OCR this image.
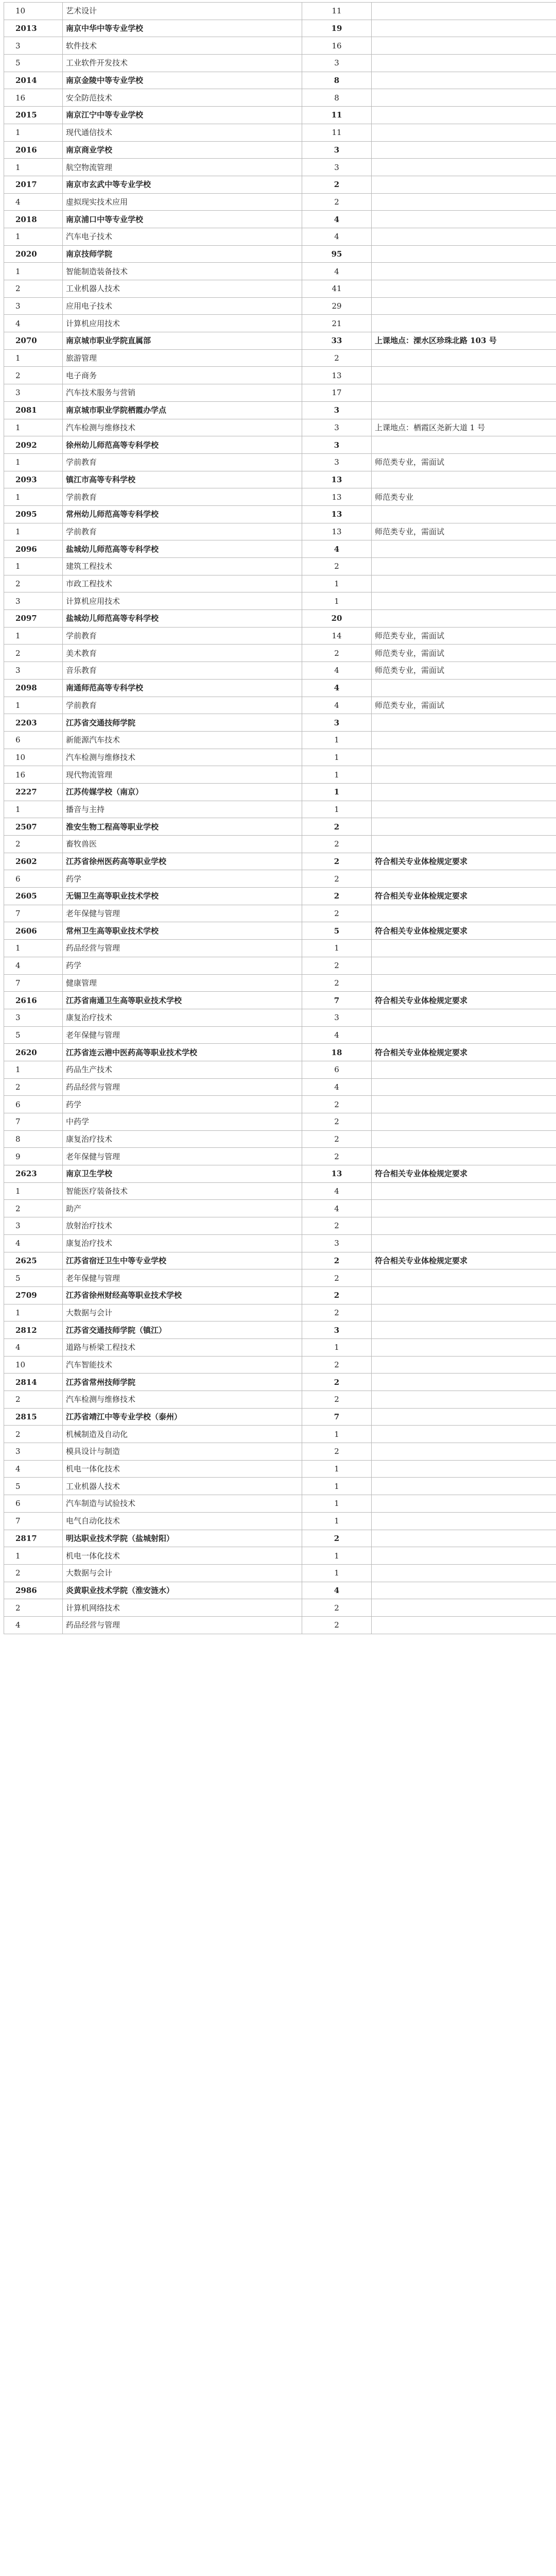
10	艺术设计	11	
2013	南京中华中等专业学校	19	
3	软件技术	16	
5	工业软件开发技术	3	
2014	南京金陵中等专业学校	8	
16	安全防范技术	8	
2015	南京江宁中等专业学校	11	
1	现代通信技术	11	
2016	南京商业学校	3	
1	航空物流管理	3	
2017	南京市玄武中等专业学校	2	
4	虚拟现实技术应用	2	
2018	南京浦口中等专业学校	4	
1	汽车电子技术	4	
2020	南京技师学院	95	
1	智能制造装备技术	4	
2	工业机器人技术	41	
3	应用电子技术	29	
4	计算机应用技术	21	
2070	南京城市职业学院直属部	33	上课地点：溧水区珍珠北路 103 号
1	旅游管理	2	
2	电子商务	13	
3	汽车技术服务与营销	17	
2081	南京城市职业学院栖霞办学点	3	
1	汽车检测与维修技术	3	上课地点：栖霞区尧新大道 1 号
2092	徐州幼儿师范高等专科学校	3	
1	学前教育	3	师范类专业，需面试
2093	镇江市高等专科学校	13	
1	学前教育	13	师范类专业
2095	常州幼儿师范高等专科学校	13	
1	学前教育	13	师范类专业，需面试
2096	盐城幼儿师范高等专科学校	4	
1	建筑工程技术	2	
2	市政工程技术	1	
3	计算机应用技术	1	
2097	盐城幼儿师范高等专科学校	20	
1	学前教育	14	师范类专业，需面试
2	美术教育	2	师范类专业，需面试
3	音乐教育	4	师范类专业，需面试
2098	南通师范高等专科学校	4	
1	学前教育	4	师范类专业，需面试
2203	江苏省交通技师学院	3	
6	新能源汽车技术	1	
10	汽车检测与维修技术	1	
16	现代物流管理	1	
2227	江苏传媒学校（南京）	1	
1	播音与主持	1	
2507	淮安生物工程高等职业学校	2	
2	畜牧兽医	2	
2602	江苏省徐州医药高等职业学校	2	符合相关专业体检规定要求
6	药学	2	
2605	无锡卫生高等职业技术学校	2	符合相关专业体检规定要求
7	老年保健与管理	2	
2606	常州卫生高等职业技术学校	5	符合相关专业体检规定要求
1	药品经营与管理	1	
4	药学	2	
7	健康管理	2	
2616	江苏省南通卫生高等职业技术学校	7	符合相关专业体检规定要求
3	康复治疗技术	3	
5	老年保健与管理	4	
2620	江苏省连云港中医药高等职业技术学校	18	符合相关专业体检规定要求
1	药品生产技术	6	
2	药品经营与管理	4	
6	药学	2	
7	中药学	2	
8	康复治疗技术	2	
9	老年保健与管理	2	
2623	南京卫生学校	13	符合相关专业体检规定要求
1	智能医疗装备技术	4	
2	助产	4	
3	放射治疗技术	2	
4	康复治疗技术	3	
2625	江苏省宿迁卫生中等专业学校	2	符合相关专业体检规定要求
5	老年保健与管理	2	
2709	江苏省徐州财经高等职业技术学校	2	
1	大数据与会计	2	
2812	江苏省交通技师学院（镇江）	3	
4	道路与桥梁工程技术	1	
10	汽车智能技术	2	
2814	江苏省常州技师学院	2	
2	汽车检测与维修技术	2	
2815	江苏省靖江中等专业学校（泰州）	7	
2	机械制造及自动化	1	
3	模具设计与制造	2	
4	机电一体化技术	1	
5	工业机器人技术	1	
6	汽车制造与试验技术	1	
7	电气自动化技术	1	
2817	明达职业技术学院（盐城射阳）	2	
1	机电一体化技术	1	
2	大数据与会计	1	
2986	炎黄职业技术学院（淮安涟水）	4	
2	计算机网络技术	2	
4	药品经营与管理	2	
